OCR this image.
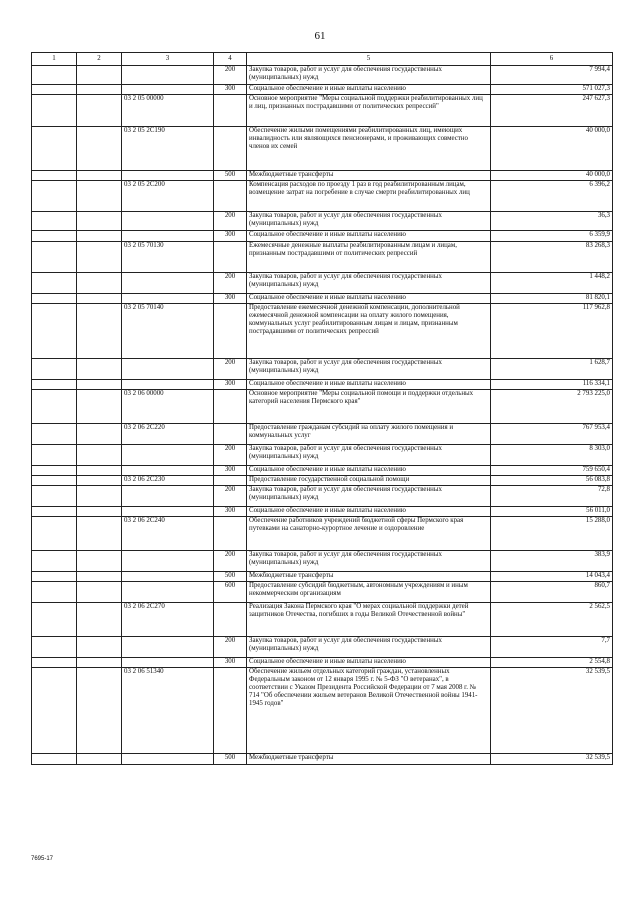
61
1	2	3	4	5	6
			200	Закупка товаров, работ и услуг для обеспечения государственных (муниципальных) нужд	7 994,4
			300	Социальное обеспечение и иные выплаты населению	571 027,3
		03 2 05 00000		Основное мероприятие "Меры социальной поддержки реабилитированных лиц и лиц, признанных пострадавшими от политических репрессий"	247 627,3
		03 2 05 2С190		Обеспечение жилыми помещениями реабилитированных лиц, имеющих инвалидность или являющихся пенсионерами, и проживающих совместно членов их семей	40 000,0
			500	Межбюджетные трансферты	40 000,0
		03 2 05 2С200		Компенсация расходов по проезду 1 раз в год реабилитированным лицам, возмещение затрат на погребение в случае смерти реабилитированных лиц	6 396,2
			200	Закупка товаров, работ и услуг для обеспечения государственных (муниципальных) нужд	36,3
			300	Социальное обеспечение и иные выплаты населению	6 359,9
		03 2 05 70130		Ежемесячные денежные выплаты реабилитированным лицам и лицам, признанным пострадавшими от политических репрессий	83 268,3
			200	Закупка товаров, работ и услуг для обеспечения государственных (муниципальных) нужд	1 448,2
			300	Социальное обеспечение и иные выплаты населению	81 820,1
		03 2 05 70140		Предоставление ежемесячной денежной компенсации, дополнительной ежемесячной денежной компенсации на оплату жилого помещения, коммунальных услуг реабилитированным лицам и лицам, признанным пострадавшими от политических репрессий	117 962,8
			200	Закупка товаров, работ и услуг для обеспечения государственных (муниципальных) нужд	1 628,7
			300	Социальное обеспечение и иные выплаты населению	116 334,1
		03 2 06 00000		Основное мероприятие "Меры социальной помощи и поддержки отдельных категорий населения Пермского края"	2 793 225,0
		03 2 06 2С220		Предоставление гражданам субсидий на оплату жилого помещения и коммунальных услуг	767 953,4
			200	Закупка товаров, работ и услуг для обеспечения государственных (муниципальных) нужд	8 303,0
			300	Социальное обеспечение и иные выплаты населению	759 650,4
		03 2 06 2С230		Предоставление государственной социальной помощи	56 083,8
			200	Закупка товаров, работ и услуг для обеспечения государственных (муниципальных) нужд	72,8
			300	Социальное обеспечение и иные выплаты населению	56 011,0
		03 2 06 2С240		Обеспечение работников учреждений бюджетной сферы Пермского края путевками на санаторно-курортное лечение и оздоровление	15 288,0
			200	Закупка товаров, работ и услуг для обеспечения государственных (муниципальных) нужд	383,9
			500	Межбюджетные трансферты	14 043,4
			600	Предоставление субсидий бюджетным, автономным учреждениям и иным некоммерческим организациям	860,7
		03 2 06 2С270		Реализация Закона Пермского края "О мерах социальной поддержки детей защитников Отечества, погибших в годы Великой Отечественной войны"	2 562,5
			200	Закупка товаров, работ и услуг для обеспечения государственных (муниципальных) нужд	7,7
			300	Социальное обеспечение и иные выплаты населению	2 554,8
		03 2 06 51340		Обеспечение жильем отдельных категорий граждан, установленных Федеральным законом от 12 января 1995 г. № 5-ФЗ "О ветеранах", в соответствии с Указом Президента Российской Федерации от 7 мая 2008 г. № 714 "Об обеспечении жильем ветеранов Великой Отечественной войны 1941-1945 годов"	32 539,5
			500	Межбюджетные трансферты	32 539,5
7695-17
